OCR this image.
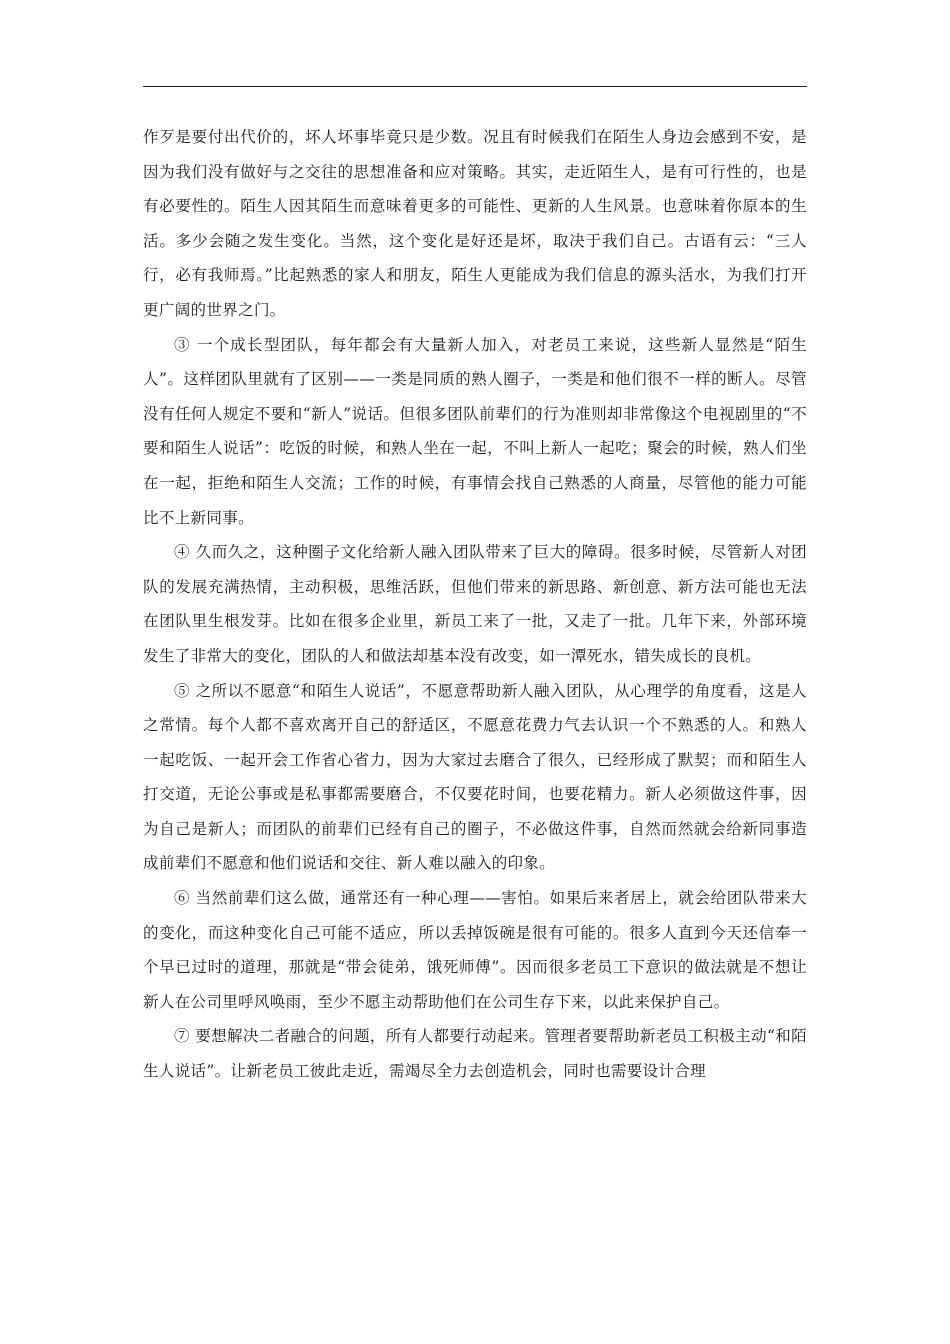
作歹是要付出代价的，坏人坏事毕竟只是少数。况且有时候我们在陌生人身边会感到不安，是因为我们没有做好与之交往的思想准备和应对策略。其实，走近陌生人，是有可行性的，也是有必要性的。陌生人因其陌生而意味着更多的可能性、更新的人生风景。也意味着你原本的生活。多少会随之发生变化。当然，这个变化是好还是坏，取决于我们自己。古语有云：“三人行，必有我师焉。”比起熟悉的家人和朋友，陌生人更能成为我们信息的源头活水，为我们打开更广阔的世界之门。

③ 一个成长型团队，每年都会有大量新人加入，对老员工来说，这些新人显然是“陌生人”。这样团队里就有了区别——一类是同质的熟人圈子，一类是和他们很不一样的断人。尽管没有任何人规定不要和“新人”说话。但很多团队前辈们的行为准则却非常像这个电视剧里的“不要和陌生人说话”：吃饭的时候，和熟人坐在一起，不叫上新人一起吃；聚会的时候，熟人们坐在一起，拒绝和陌生人交流；工作的时候，有事情会找自己熟悉的人商量，尽管他的能力可能比不上新同事。

④ 久而久之，这种圈子文化给新人融入团队带来了巨大的障碍。很多时候，尽管新人对团队的发展充满热情，主动积极，思维活跃，但他们带来的新思路、新创意、新方法可能也无法在团队里生根发芽。比如在很多企业里，新员工来了一批，又走了一批。几年下来，外部环境发生了非常大的变化，团队的人和做法却基本没有改变，如一潭死水，错失成长的良机。

⑤ 之所以不愿意“和陌生人说话”，不愿意帮助新人融入团队，从心理学的角度看，这是人之常情。每个人都不喜欢离开自己的舒适区，不愿意花费力气去认识一个不熟悉的人。和熟人一起吃饭、一起开会工作省心省力，因为大家过去磨合了很久，已经形成了默契；而和陌生人打交道，无论公事或是私事都需要磨合，不仅要花时间，也要花精力。新人必须做这件事，因为自己是新人；而团队的前辈们已经有自己的圈子，不必做这件事，自然而然就会给新同事造成前辈们不愿意和他们说话和交往、新人难以融入的印象。

⑥ 当然前辈们这么做，通常还有一种心理——害怕。如果后来者居上，就会给团队带来大的变化，而这种变化自己可能不适应，所以丢掉饭碗是很有可能的。很多人直到今天还信奉一个早已过时的道理，那就是“带会徒弟，饿死师傅”。因而很多老员工下意识的做法就是不想让新人在公司里呼风唤雨，至少不愿主动帮助他们在公司生存下来，以此来保护自己。

⑦ 要想解决二者融合的问题，所有人都要行动起来。管理者要帮助新老员工积极主动“和陌生人说话”。让新老员工彼此走近，需竭尽全力去创造机会，同时也需要设计合理
